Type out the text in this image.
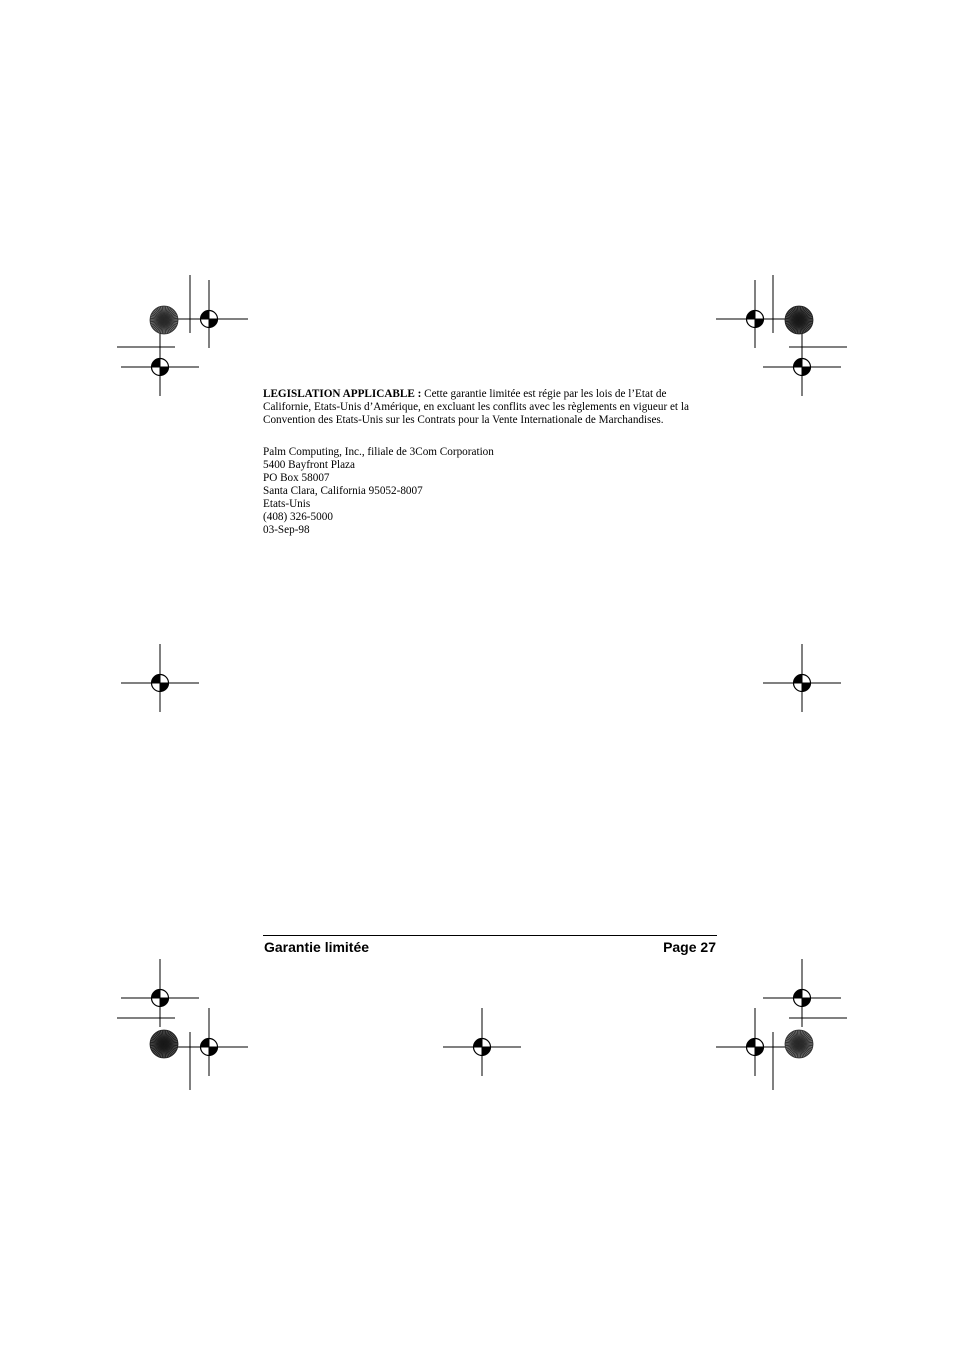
LEGISLATION APPLICABLE : Cette garantie limitée est régie par les lois de l’Etat de Californie, Etats-Unis d’Amérique, en excluant les conflits avec les règlements en vigueur et la Convention des Etats-Unis sur les Contrats pour la Vente Internationale de Marchandises.

Palm Computing, Inc., filiale de 3Com Corporation
5400 Bayfront Plaza
PO Box 58007
Santa Clara, California 95052-8007
Etats-Unis
(408) 326-5000
03-Sep-98
Garantie limitée	Page 27
